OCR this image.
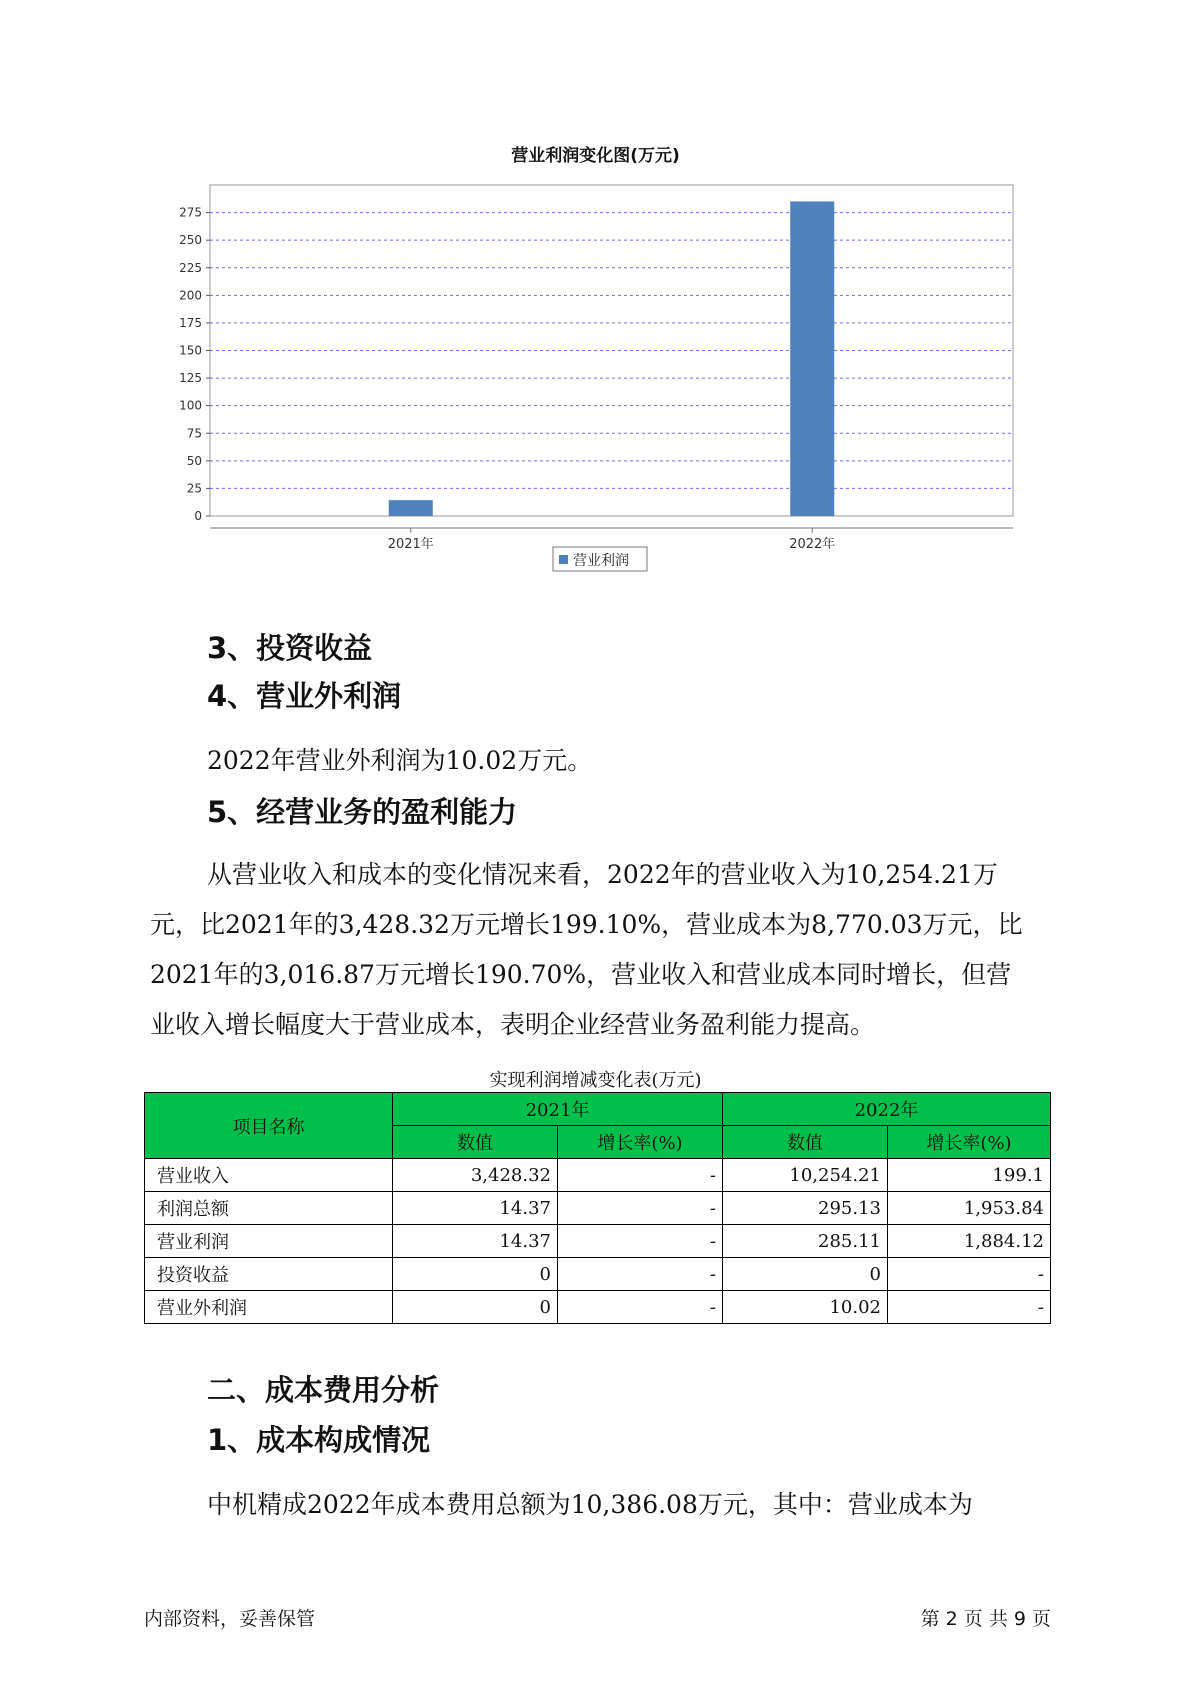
营业利润变化图(万元)
0
25
50
75
100
125
150
175
200
225
250
275
2021年	2022年
营业利润
3、投资收益
4、营业外利润
2022年营业外利润为10.02万元。
5、经营业务的盈利能力
从营业收入和成本的变化情况来看，2022年的营业收入为10,254.21万
元，比2021年的3,428.32万元增长199.10%，营业成本为8,770.03万元，比
2021年的3,016.87万元增长190.70%，营业收入和营业成本同时增长，但营
业收入增长幅度大于营业成本，表明企业经营业务盈利能力提高。
实现利润增减变化表(万元)
项目名称	2021年		2022年	
	数值	增长率(%)	数值	增长率(%)
营业收入	3,428.32	-	10,254.21	199.1
利润总额	14.37	-	295.13	1,953.84
营业利润	14.37	-	285.11	1,884.12
投资收益	0	-	0	-
营业外利润	0	-	10.02	-
二、成本费用分析
1、成本构成情况
中机精成2022年成本费用总额为10,386.08万元，其中：营业成本为
内部资料，妥善保管	第 2 页 共 9 页
